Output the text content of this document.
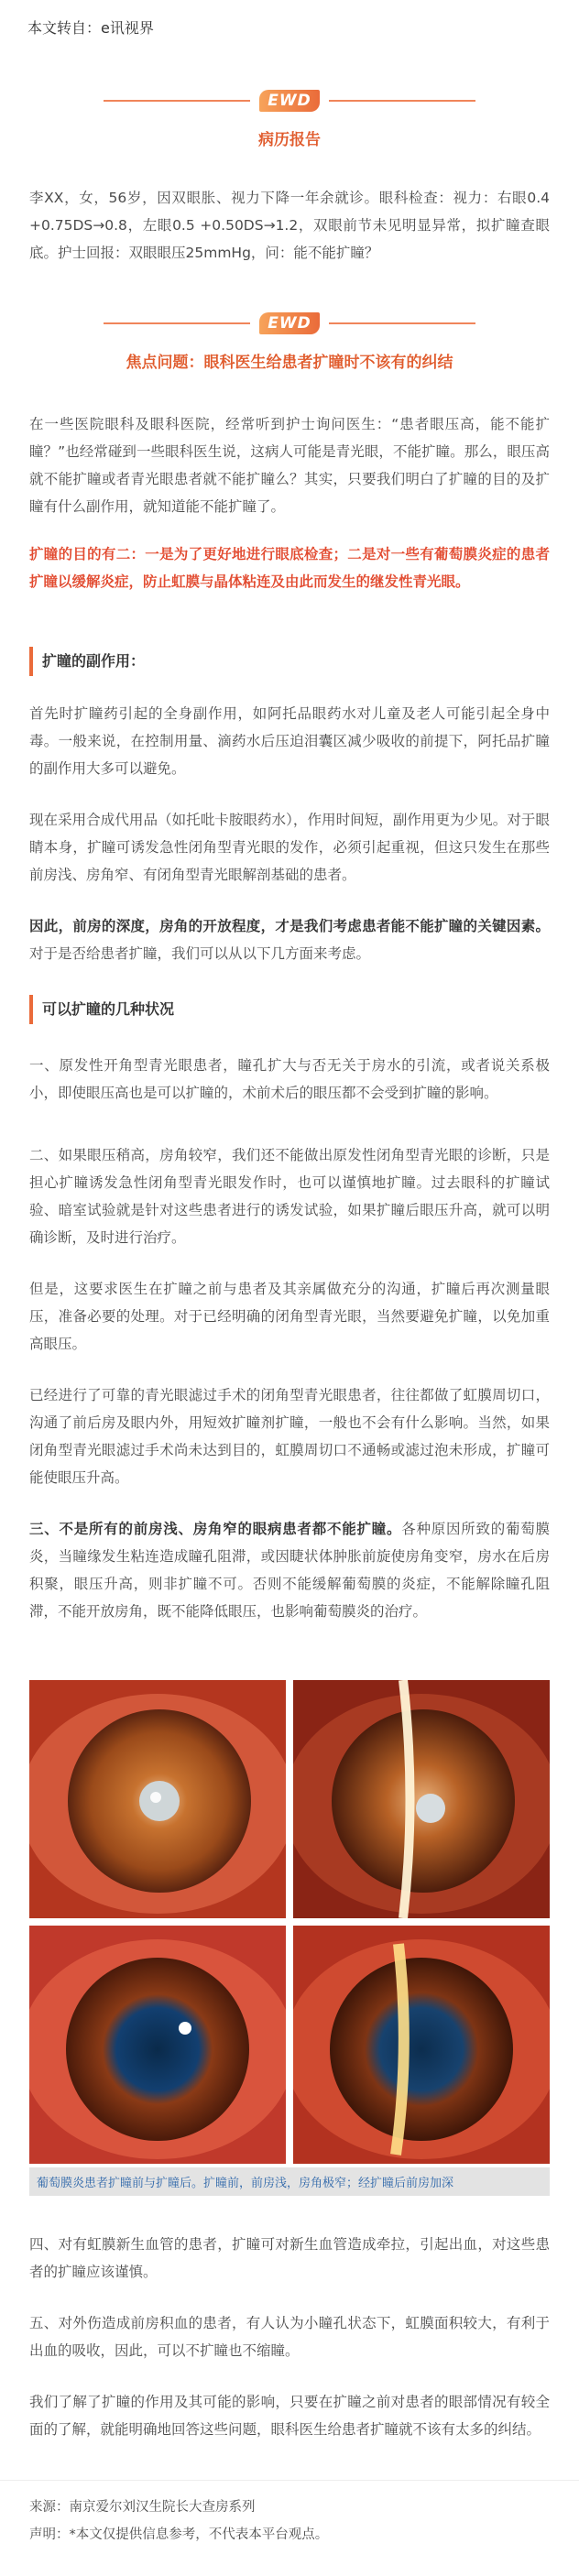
本文转自：e讯视界
EWD
病历报告

李XX，女，56岁，因双眼胀、视力下降一年余就诊。眼科检查：视力：右眼0.4 +0.75DS→0.8，左眼0.5 +0.50DS→1.2，双眼前节未见明显异常，拟扩瞳查眼底。护士回报：双眼眼压25mmHg，问：能不能扩瞳？

EWD
焦点问题：眼科医生给患者扩瞳时不该有的纠结

在一些医院眼科及眼科医院，经常听到护士询问医生：“患者眼压高，能不能扩瞳？”也经常碰到一些眼科医生说，这病人可能是青光眼，不能扩瞳。那么，眼压高就不能扩瞳或者青光眼患者就不能扩瞳么？其实，只要我们明白了扩瞳的目的及扩瞳有什么副作用，就知道能不能扩瞳了。

扩瞳的目的有二：一是为了更好地进行眼底检查；二是对一些有葡萄膜炎症的患者扩瞳以缓解炎症，防止虹膜与晶体粘连及由此而发生的继发性青光眼。

扩瞳的副作用：

首先时扩瞳药引起的全身副作用，如阿托品眼药水对儿童及老人可能引起全身中毒。一般来说，在控制用量、滴药水后压迫泪囊区减少吸收的前提下，阿托品扩瞳的副作用大多可以避免。

现在采用合成代用品（如托吡卡胺眼药水），作用时间短，副作用更为少见。对于眼睛本身，扩瞳可诱发急性闭角型青光眼的发作，必须引起重视，但这只发生在那些前房浅、房角窄、有闭角型青光眼解剖基础的患者。

因此，前房的深度，房角的开放程度，才是我们考虑患者能不能扩瞳的关键因素。对于是否给患者扩瞳，我们可以从以下几方面来考虑。

可以扩瞳的几种状况

一、原发性开角型青光眼患者，瞳孔扩大与否无关于房水的引流，或者说关系极小，即使眼压高也是可以扩瞳的，术前术后的眼压都不会受到扩瞳的影响。

二、如果眼压稍高，房角较窄，我们还不能做出原发性闭角型青光眼的诊断，只是担心扩瞳诱发急性闭角型青光眼发作时，也可以谨慎地扩瞳。过去眼科的扩瞳试验、暗室试验就是针对这些患者进行的诱发试验，如果扩瞳后眼压升高，就可以明确诊断，及时进行治疗。

但是，这要求医生在扩瞳之前与患者及其亲属做充分的沟通，扩瞳后再次测量眼压，准备必要的处理。对于已经明确的闭角型青光眼，当然要避免扩瞳，以免加重高眼压。

已经进行了可靠的青光眼滤过手术的闭角型青光眼患者，往往都做了虹膜周切口，沟通了前后房及眼内外，用短效扩瞳剂扩瞳，一般也不会有什么影响。当然，如果闭角型青光眼滤过手术尚未达到目的，虹膜周切口不通畅或滤过泡未形成，扩瞳可能使眼压升高。

三、不是所有的前房浅、房角窄的眼病患者都不能扩瞳。各种原因所致的葡萄膜炎，当瞳缘发生粘连造成瞳孔阻滞，或因睫状体肿胀前旋使房角变窄，房水在后房积聚，眼压升高，则非扩瞳不可。否则不能缓解葡萄膜的炎症，不能解除瞳孔阻滞，不能开放房角，既不能降低眼压，也影响葡萄膜炎的治疗。

葡萄膜炎患者扩瞳前与扩瞳后。扩瞳前，前房浅，房角极窄；经扩瞳后前房加深

四、对有虹膜新生血管的患者，扩瞳可对新生血管造成牵拉，引起出血，对这些患者的扩瞳应该谨慎。

五、对外伤造成前房积血的患者，有人认为小瞳孔状态下，虹膜面积较大，有利于出血的吸收，因此，可以不扩瞳也不缩瞳。

我们了解了扩瞳的作用及其可能的影响，只要在扩瞳之前对患者的眼部情况有较全面的了解，就能明确地回答这些问题，眼科医生给患者扩瞳就不该有太多的纠结。

来源：南京爱尔刘汉生院长大查房系列
声明：*本文仅提供信息参考，不代表本平台观点。
